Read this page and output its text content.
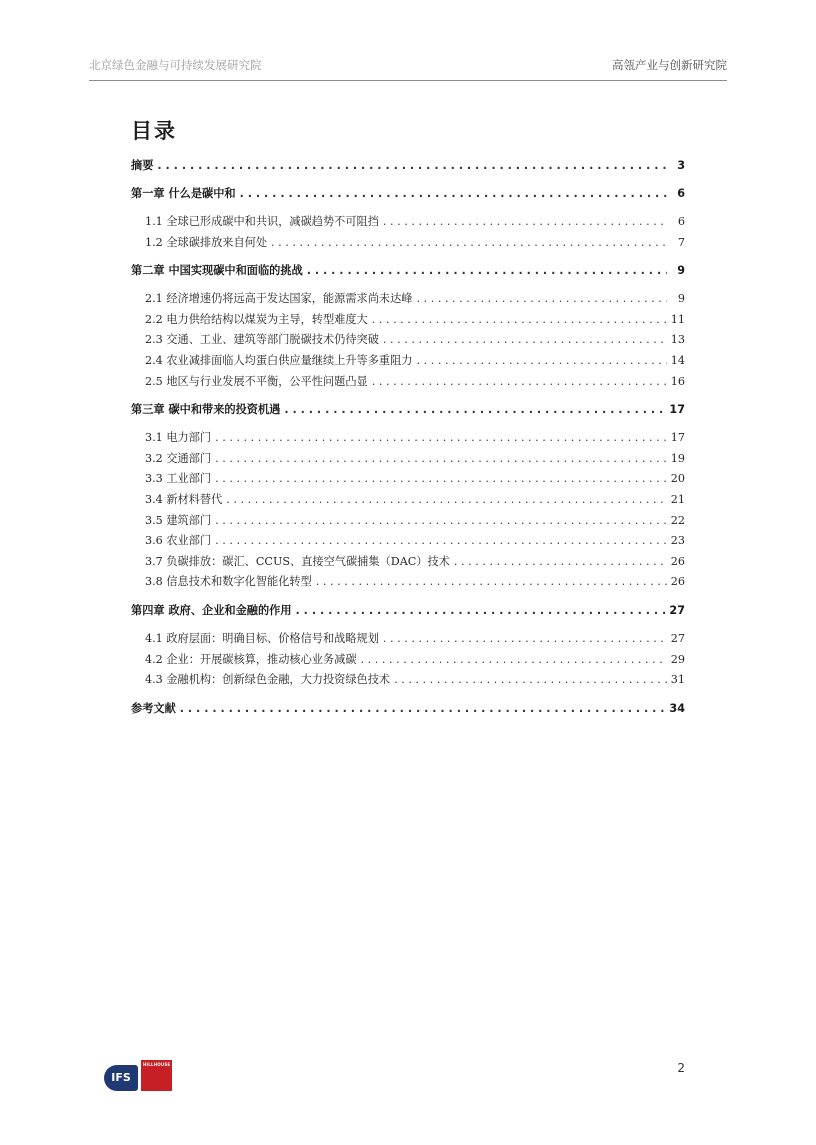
北京绿色金融与可持续发展研究院	高瓴产业与创新研究院
目录
摘要 . . .	3
第一章 什么是碳中和 . . .	6
1.1 全球已形成碳中和共识，减碳趋势不可阻挡 . . .	6
1.2 全球碳排放来自何处 . . .	7
第二章 中国实现碳中和面临的挑战 . . .	9
2.1 经济增速仍将远高于发达国家，能源需求尚未达峰 . . .	9
2.2 电力供给结构以煤炭为主导，转型难度大 . . .	11
2.3 交通、工业、建筑等部门脱碳技术仍待突破 . . .	13
2.4 农业减排面临人均蛋白供应量继续上升等多重阻力 . . .	14
2.5 地区与行业发展不平衡，公平性问题凸显 . . .	16
第三章 碳中和带来的投资机遇 . . .	17
3.1 电力部门 . . .	17
3.2 交通部门 . . .	19
3.3 工业部门 . . .	20
3.4 新材料替代 . . .	21
3.5 建筑部门 . . .	22
3.6 农业部门 . . .	23
3.7 负碳排放：碳汇、CCUS、直接空气碳捕集（DAC）技术 . . .	26
3.8 信息技术和数字化智能化转型 . . .	26
第四章 政府、企业和金融的作用 . . .	27
4.1 政府层面：明确目标、价格信号和战略规划 . . .	27
4.2 企业：开展碳核算，推动核心业务减碳 . . .	29
4.3 金融机构：创新绿色金融，大力投资绿色技术 . . .	31
参考文献 . . .	34
IFS
HILLHOUSE	2
